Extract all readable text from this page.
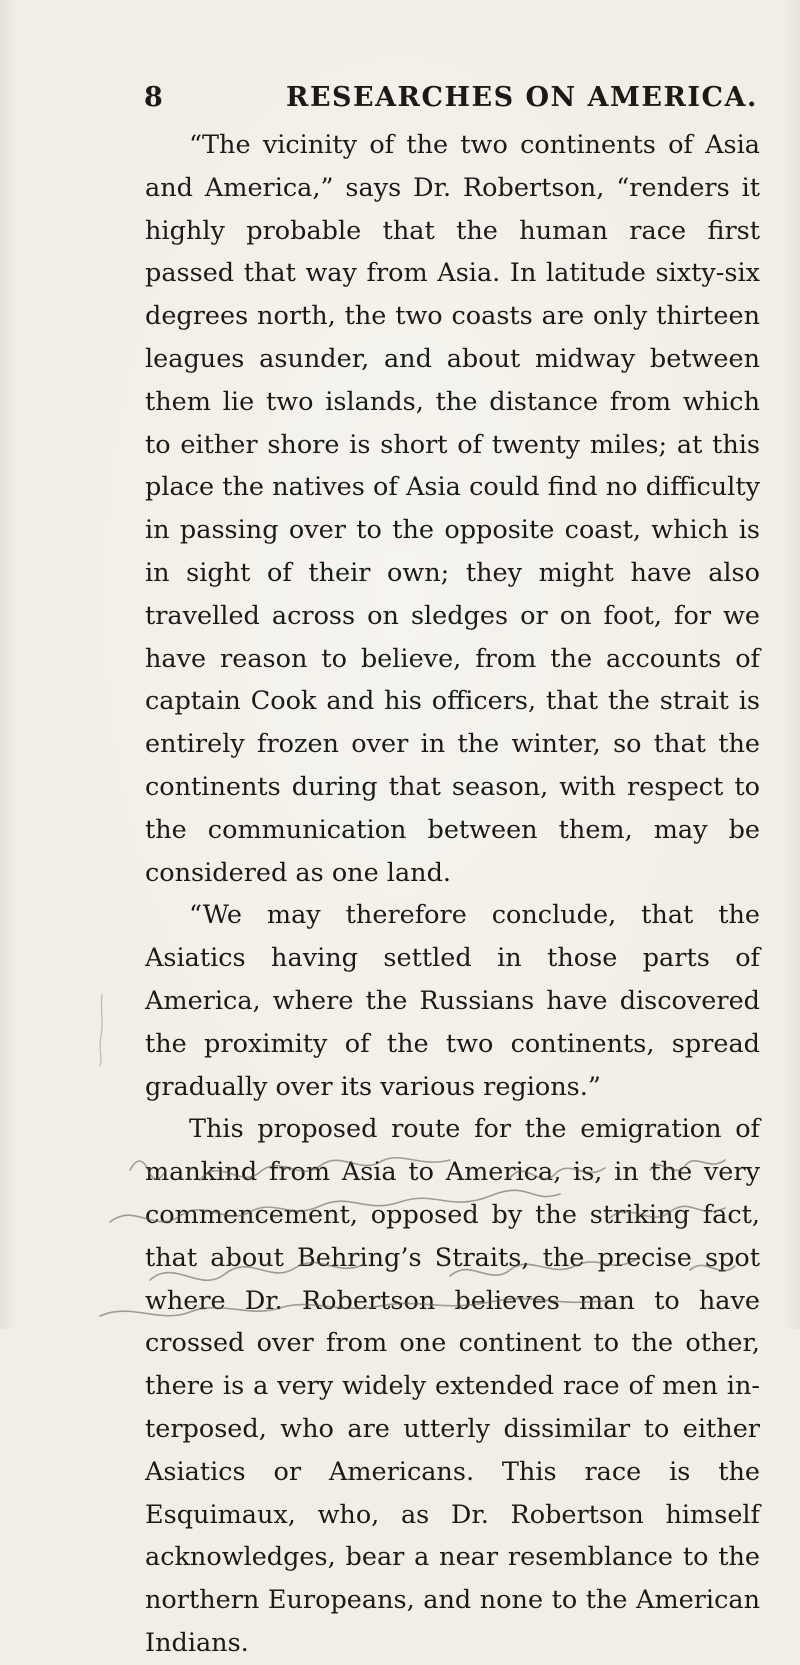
8	RESEARCHES ON AMERICA.

“The vicinity of the two continents of Asia and America,” says Dr. Robertson, “renders it highly probable that the human race first passed that way from Asia. In latitude sixty-six degrees north, the two coasts are only thirteen leagues asunder, and about midway between them lie two islands, the distance from which to either shore is short of twenty miles; at this place the natives of Asia could find no difficulty in passing over to the opposite coast, which is in sight of their own; they might have also travelled across on sledges or on foot, for we have reason to believe, from the accounts of captain Cook and his officers, that the strait is entirely frozen over in the winter, so that the continents during that season, with respect to the communication between them, may be considered as one land.

“We may therefore conclude, that the Asiatics having settled in those parts of America, where the Russians have discovered the proximity of the two continents, spread gradually over its various regions.”

This proposed route for the emigration of mankind from Asia to America, is, in the very commencement, opposed by the striking fact, that about Behring’s Straits, the precise spot where Dr. Robertson believes man to have crossed over from one continent to the other, there is a very widely extended race of men interposed, who are utterly dissimilar to either Asiatics or Americans. This race is the Esquimaux, who, as Dr. Robertson himself acknowledges, bear a near resemblance to the northern Europeans, and none to the American Indians.
